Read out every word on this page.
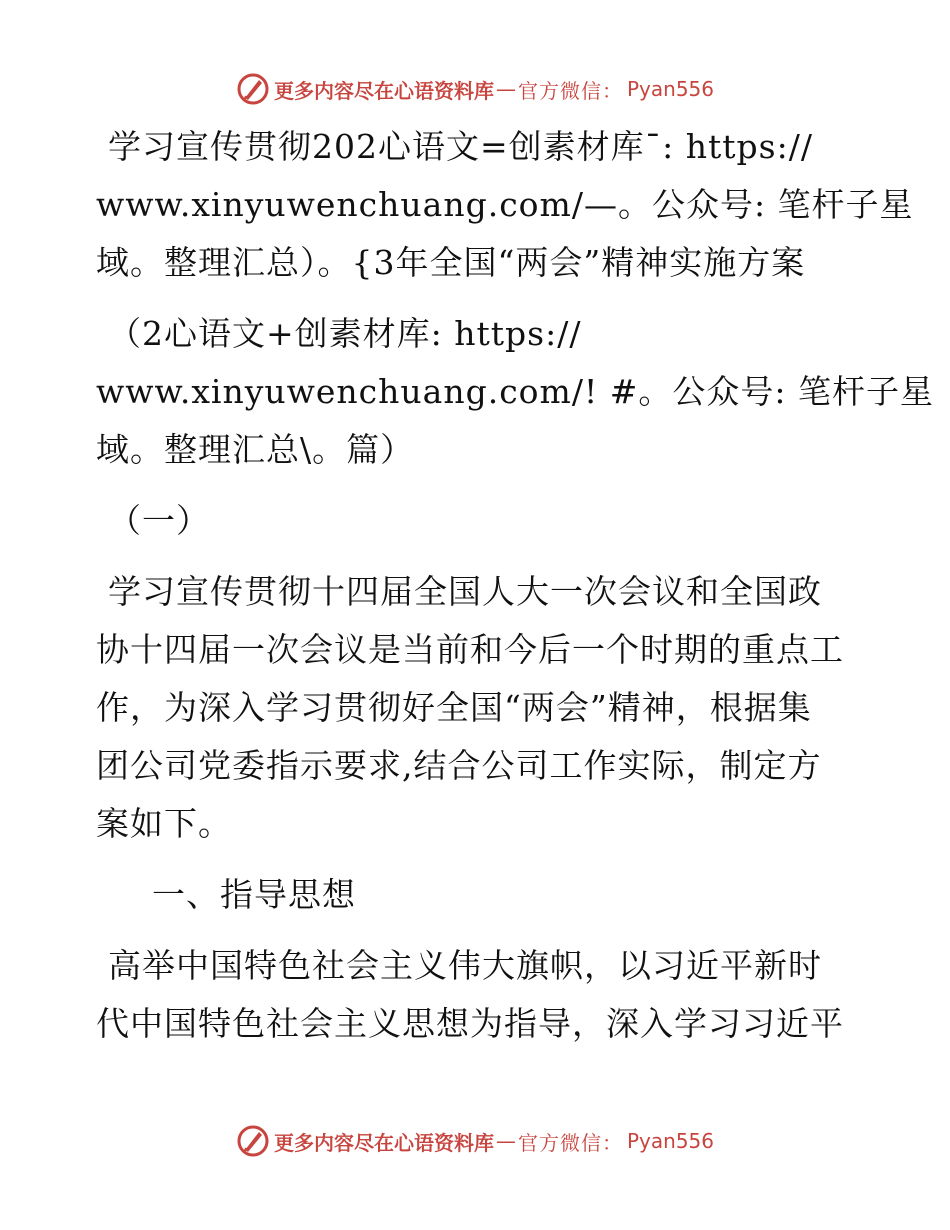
更多内容尽在心语资料库 — 官方微信： Pyan556
学习宣传贯彻202心语文=创素材库¯: https://
www.xinyuwenchuang.com/—。公众号: 笔杆子星
域。整理汇总）。{3年全国“两会”精神实施方案
（2心语文+创素材库: https://
www.xinyuwenchuang.com/! #。公众号: 笔杆子星
域。整理汇总\。篇）
（一）
学习宣传贯彻十四届全国人大一次会议和全国政
协十四届一次会议是当前和今后一个时期的重点工
作，为深入学习贯彻好全国“两会”精神，根据集
团公司党委指示要求,结合公司工作实际，制定方
案如下。
一、指导思想
高举中国特色社会主义伟大旗帜，以习近平新时
代中国特色社会主义思想为指导，深入学习习近平
更多内容尽在心语资料库 — 官方微信： Pyan556
